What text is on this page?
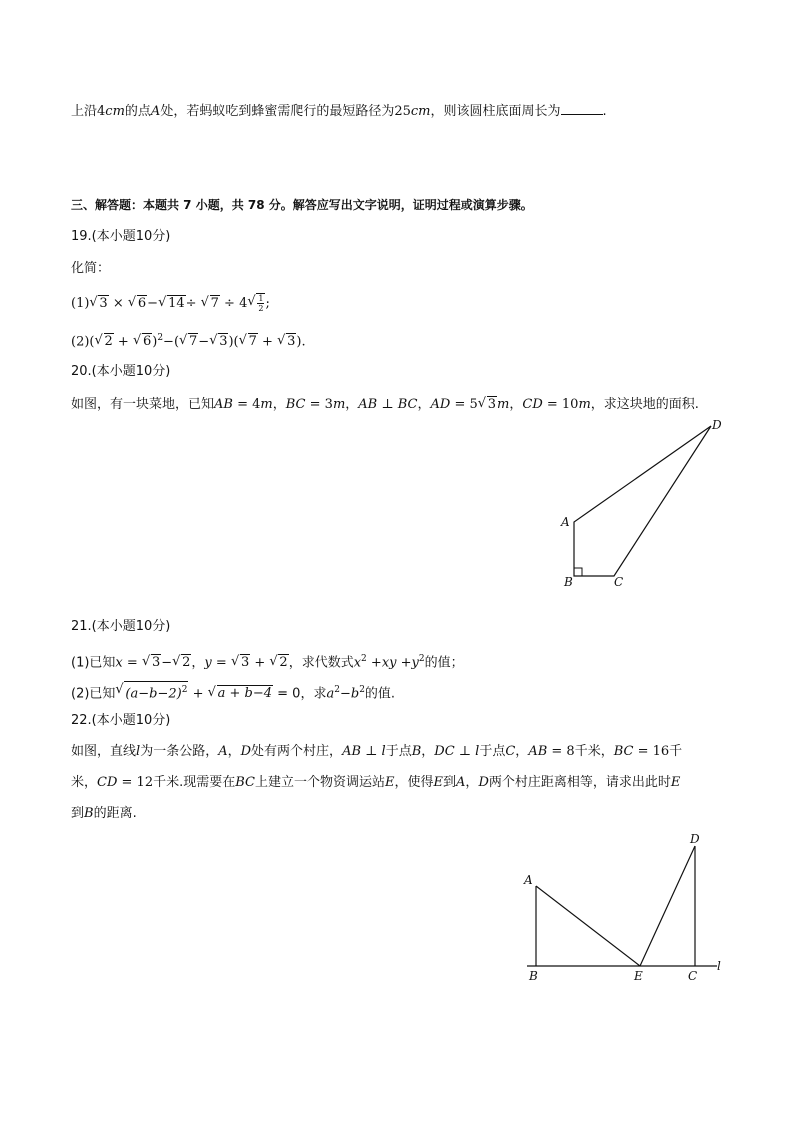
上沿4cm的点A处，若蚂蚁吃到蜂蜜需爬行的最短路径为25cm，则该圆柱底面周长为	.
三、解答题：本题共 7 小题，共 78 分。解答应写出文字说明，证明过程或演算步骤。
19.(本小题10分)
化简：
(1) √ 3 × √ 6− √ 14÷ √ 7 ÷ 4 √ $\frac{1}{2}$ ;
(2)( √ 2 + √ 6)$^2$−( √ 7− √ 3)( √ 7 + √ 3).
20.(本小题10分)
如图，有一块菜地，已知AB = 4m，BC = 3m，AB ⊥ BC，AD = 5 √ 3m，CD = 10m，求这块地的面积.
D
A
B	C
21.(本小题10分)
(1)已知x = √ 3− √ 2，y = √ 3 + √ 2，求代数式$x^2 +xy +y^2$的值；
(2)已知 √ $(a-b-2)^2$ + √ a + b−4 = 0，求$a^2-b^2$的值.
22.(本小题10分)
如图，直线l为一条公路，A，D处有两个村庄，AB ⊥ l于点B，DC ⊥ l于点C，AB = 8千米，BC = 16千
米，CD = 12千米.现需要在BC上建立一个物资调运站E，使得E到A，D两个村庄距离相等，请求出此时E
到B的距离.
A
D
B	E	C
l
